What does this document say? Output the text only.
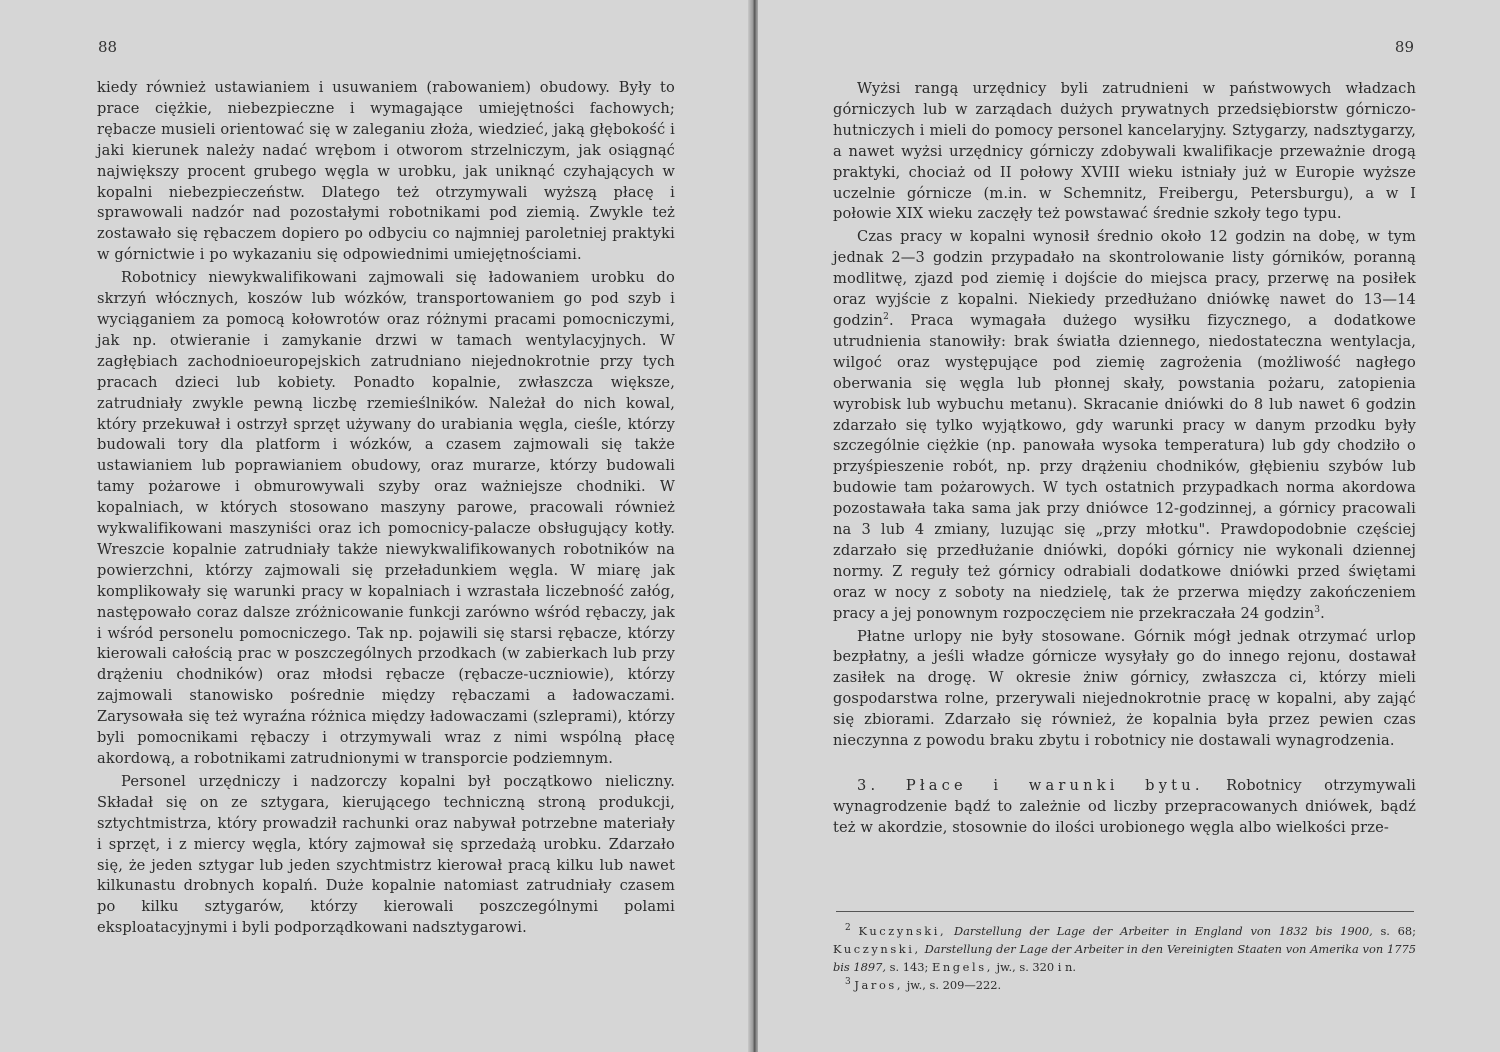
88

kiedy również ustawianiem i usuwaniem (rabowaniem) obudowy. Były to prace ciężkie, niebezpieczne i wymagające umiejętności fachowych; rębacze musieli orientować się w zaleganiu złoża, wiedzieć, jaką głębokość i jaki kierunek należy nadać wrębom i otworom strzelniczym, jak osiągnąć największy procent grubego węgla w urobku, jak uniknąć czyhających w kopalni niebezpieczeństw. Dlatego też otrzymywali wyższą płacę i sprawowali nadzór nad pozostałymi robotnikami pod ziemią. Zwykle też zostawało się rębaczem dopiero po odbyciu co najmniej paroletniej praktyki w górnictwie i po wykazaniu się odpowiednimi umiejętnościami.

Robotnicy niewykwalifikowani zajmowali się ładowaniem urobku do skrzyń włócznych, koszów lub wózków, transportowaniem go pod szyb i wyciąganiem za pomocą kołowrotów oraz różnymi pracami pomocniczymi, jak np. otwieranie i zamykanie drzwi w tamach wentylacyjnych. W zagłębiach zachodnioeuropejskich zatrudniano niejednokrotnie przy tych pracach dzieci lub kobiety. Ponadto kopalnie, zwłaszcza większe, zatrudniały zwykle pewną liczbę rzemieślników. Należał do nich kowal, który przekuwał i ostrzył sprzęt używany do urabiania węgla, cieśle, którzy budowali tory dla platform i wózków, a czasem zajmowali się także ustawianiem lub poprawianiem obudowy, oraz murarze, którzy budowali tamy pożarowe i obmurowywali szyby oraz ważniejsze chodniki. W kopalniach, w których stosowano maszyny parowe, pracowali również wykwalifikowani maszyniści oraz ich pomocnicy-palacze obsługujący kotły. Wreszcie kopalnie zatrudniały także niewykwalifikowanych robotników na powierzchni, którzy zajmowali się przeładunkiem węgla. W miarę jak komplikowały się warunki pracy w kopalniach i wzrastała liczebność załóg, następowało coraz dalsze zróżnicowanie funkcji zarówno wśród rębaczy, jak i wśród personelu pomocniczego. Tak np. pojawili się starsi rębacze, którzy kierowali całością prac w poszczególnych przodkach (w zabierkach lub przy drążeniu chodników) oraz młodsi rębacze (rębacze-uczniowie), którzy zajmowali stanowisko pośrednie między rębaczami a ładowaczami. Zarysowała się też wyraźna różnica między ładowaczami (szleprami), którzy byli pomocnikami rębaczy i otrzymywali wraz z nimi wspólną płacę akordową, a robotnikami zatrudnionymi w transporcie podziemnym.

Personel urzędniczy i nadzorczy kopalni był początkowo nieliczny. Składał się on ze sztygara, kierującego techniczną stroną produkcji, sztychtmistrza, który prowadził rachunki oraz nabywał potrzebne materiały i sprzęt, i z miercy węgla, który zajmował się sprzedażą urobku. Zdarzało się, że jeden sztygar lub jeden szychtmistrz kierował pracą kilku lub nawet kilkunastu drobnych kopalń. Duże kopalnie natomiast zatrudniały czasem po kilku sztygarów, którzy kierowali poszczególnymi polami eksploatacyjnymi i byli podporządkowani nadsztygarowi.

89

Wyżsi rangą urzędnicy byli zatrudnieni w państwowych władzach górniczych lub w zarządach dużych prywatnych przedsiębiorstw górniczo-hutniczych i mieli do pomocy personel kancelaryjny. Sztygarzy, nadsztygarzy, a nawet wyżsi urzędnicy górniczy zdobywali kwalifikacje przeważnie drogą praktyki, chociaż od II połowy XVIII wieku istniały już w Europie wyższe uczelnie górnicze (m.in. w Schemnitz, Freibergu, Petersburgu), a w I połowie XIX wieku zaczęły też powstawać średnie szkoły tego typu.

Czas pracy w kopalni wynosił średnio około 12 godzin na dobę, w tym jednak 2—3 godzin przypadało na skontrolowanie listy górników, poranną modlitwę, zjazd pod ziemię i dojście do miejsca pracy, przerwę na posiłek oraz wyjście z kopalni. Niekiedy przedłużano dniówkę nawet do 13—14 godzin$^2$. Praca wymagała dużego wysiłku fizycznego, a dodatkowe utrudnienia stanowiły: brak światła dziennego, niedostateczna wentylacja, wilgoć oraz występujące pod ziemię zagrożenia (możliwość nagłego oberwania się węgla lub płonnej skały, powstania pożaru, zatopienia wyrobisk lub wybuchu metanu). Skracanie dniówki do 8 lub nawet 6 godzin zdarzało się tylko wyjątkowo, gdy warunki pracy w danym przodku były szczególnie ciężkie (np. panowała wysoka temperatura) lub gdy chodziło o przyśpieszenie robót, np. przy drążeniu chodników, głębieniu szybów lub budowie tam pożarowych. W tych ostatnich przypadkach norma akordowa pozostawała taka sama jak przy dniówce 12-godzinnej, a górnicy pracowali na 3 lub 4 zmiany, luzując się „przy młotku". Prawdopodobnie częściej zdarzało się przedłużanie dniówki, dopóki górnicy nie wykonali dziennej normy. Z reguły też górnicy odrabiali dodatkowe dniówki przed świętami oraz w nocy z soboty na niedzielę, tak że przerwa między zakończeniem pracy a jej ponownym rozpoczęciem nie przekraczała 24 godzin$^3$.

Płatne urlopy nie były stosowane. Górnik mógł jednak otrzymać urlop bezpłatny, a jeśli władze górnicze wysyłały go do innego rejonu, dostawał zasiłek na drogę. W okresie żniw górnicy, zwłaszcza ci, którzy mieli gospodarstwa rolne, przerywali niejednokrotnie pracę w kopalni, aby zająć się zbiorami. Zdarzało się również, że kopalnia była przez pewien czas nieczynna z powodu braku zbytu i robotnicy nie dostawali wynagrodzenia.

3. Płace i warunki bytu. Robotnicy otrzymywali wynagrodzenie bądź to zależnie od liczby przepracowanych dniówek, bądź też w akordzie, stosownie do ilości urobionego węgla albo wielkości prze-

$^2$ Kuczynski, Darstellung der Lage der Arbeiter in England von 1832 bis 1900, s. 68; Kuczynski, Darstellung der Lage der Arbeiter in den Vereinigten Staaten von Amerika von 1775 bis 1897, s. 143; Engels, jw., s. 320 i n.

$^3$ Jaros, jw., s. 209—222.
